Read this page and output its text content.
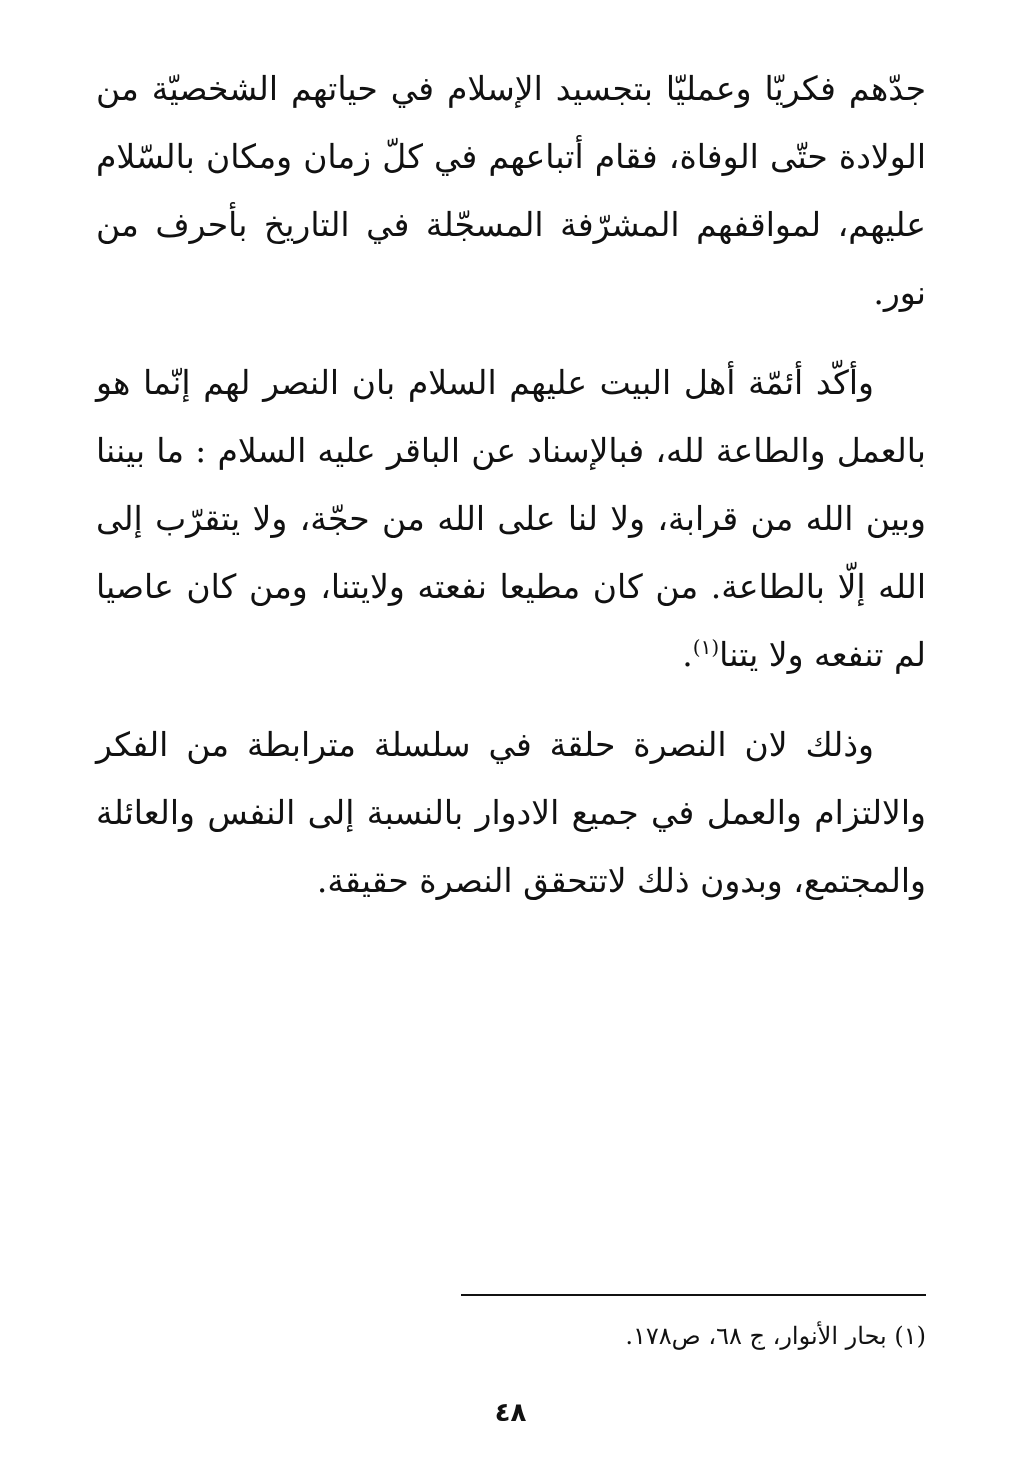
جدّهم فكريّا وعمليّا بتجسيد الإسلام في حياتهم الشخصيّة من الولادة حتّى الوفاة، فقام أتباعهم في كلّ زمان ومكان بالسّلام عليهم، لمواقفهم المشرّفة المسجّلة في التاريخ بأحرف من نور.

وأكّد أئمّة أهل البيت عليهم السلام بان النصر لهم إنّما هو بالعمل والطاعة لله، فبالإسناد عن الباقر عليه السلام : ما بيننا وبين الله من قرابة، ولا لنا على الله من حجّة، ولا يتقرّب إلى الله إلّا بالطاعة. من كان مطيعا نفعته ولايتنا، ومن كان عاصيا لم تنفعه ولا يتنا$^{(١)}$.

وذلك لان النصرة حلقة في سلسلة مترابطة من الفكر والالتزام والعمل في جميع الادوار بالنسبة إلى النفس والعائلة والمجتمع، وبدون ذلك لاتتحقق النصرة حقيقة.

(١) بحار الأنوار، ج ٦٨، ص١٧٨.
٤٨
